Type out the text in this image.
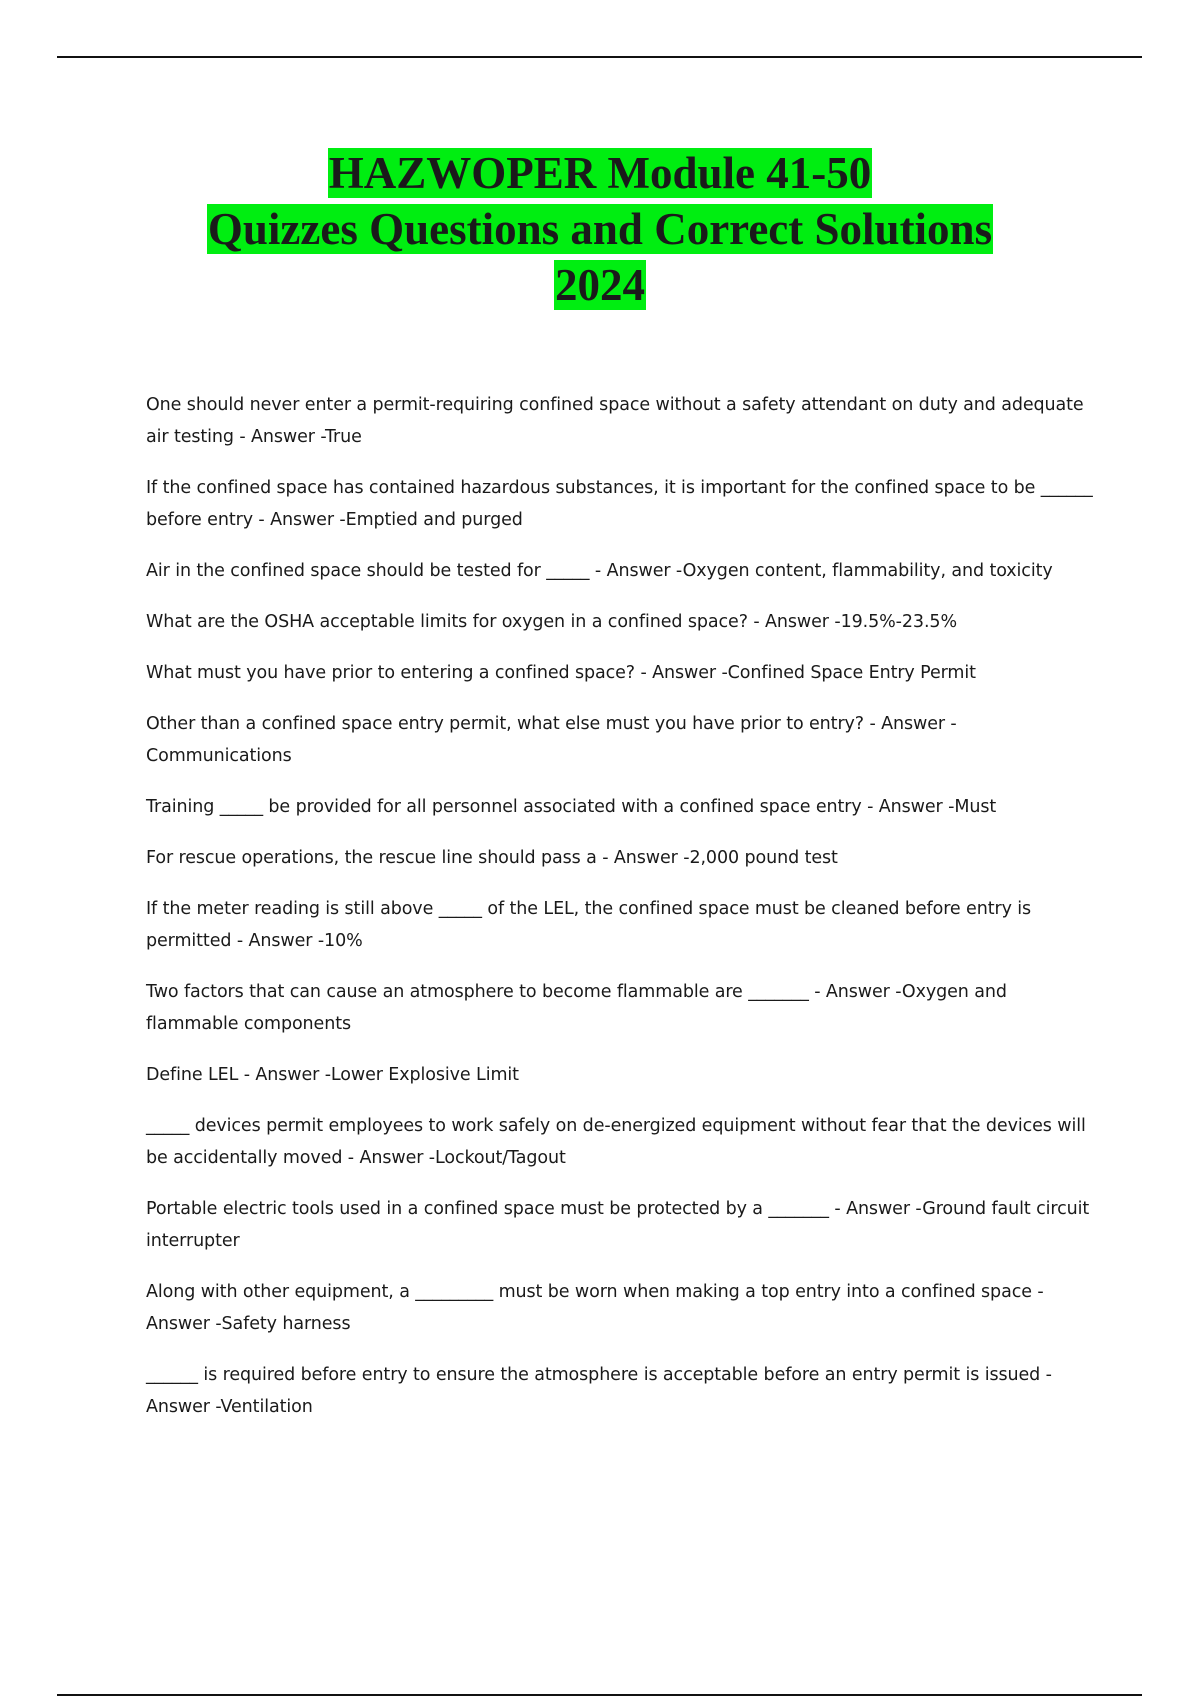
HAZWOPER Module 41-50
Quizzes Questions and Correct Solutions
2024
One should never enter a permit-requiring confined space without a safety attendant on duty and adequate air testing - Answer -True
If the confined space has contained hazardous substances, it is important for the confined space to be ______ before entry - Answer -Emptied and purged
Air in the confined space should be tested for _____ - Answer -Oxygen content, flammability, and toxicity
What are the OSHA acceptable limits for oxygen in a confined space? - Answer -19.5%-23.5%
What must you have prior to entering a confined space? - Answer -Confined Space Entry Permit
Other than a confined space entry permit, what else must you have prior to entry? - Answer - Communications
Training _____ be provided for all personnel associated with a confined space entry - Answer -Must
For rescue operations, the rescue line should pass a - Answer -2,000 pound test
If the meter reading is still above _____ of the LEL, the confined space must be cleaned before entry is permitted - Answer -10%
Two factors that can cause an atmosphere to become flammable are _______ - Answer -Oxygen and flammable components
Define LEL - Answer -Lower Explosive Limit
_____ devices permit employees to work safely on de-energized equipment without fear that the devices will be accidentally moved - Answer -Lockout/Tagout
Portable electric tools used in a confined space must be protected by a _______ - Answer -Ground fault circuit interrupter
Along with other equipment, a _________ must be worn when making a top entry into a confined space - Answer -Safety harness
______ is required before entry to ensure the atmosphere is acceptable before an entry permit is issued - Answer -Ventilation
